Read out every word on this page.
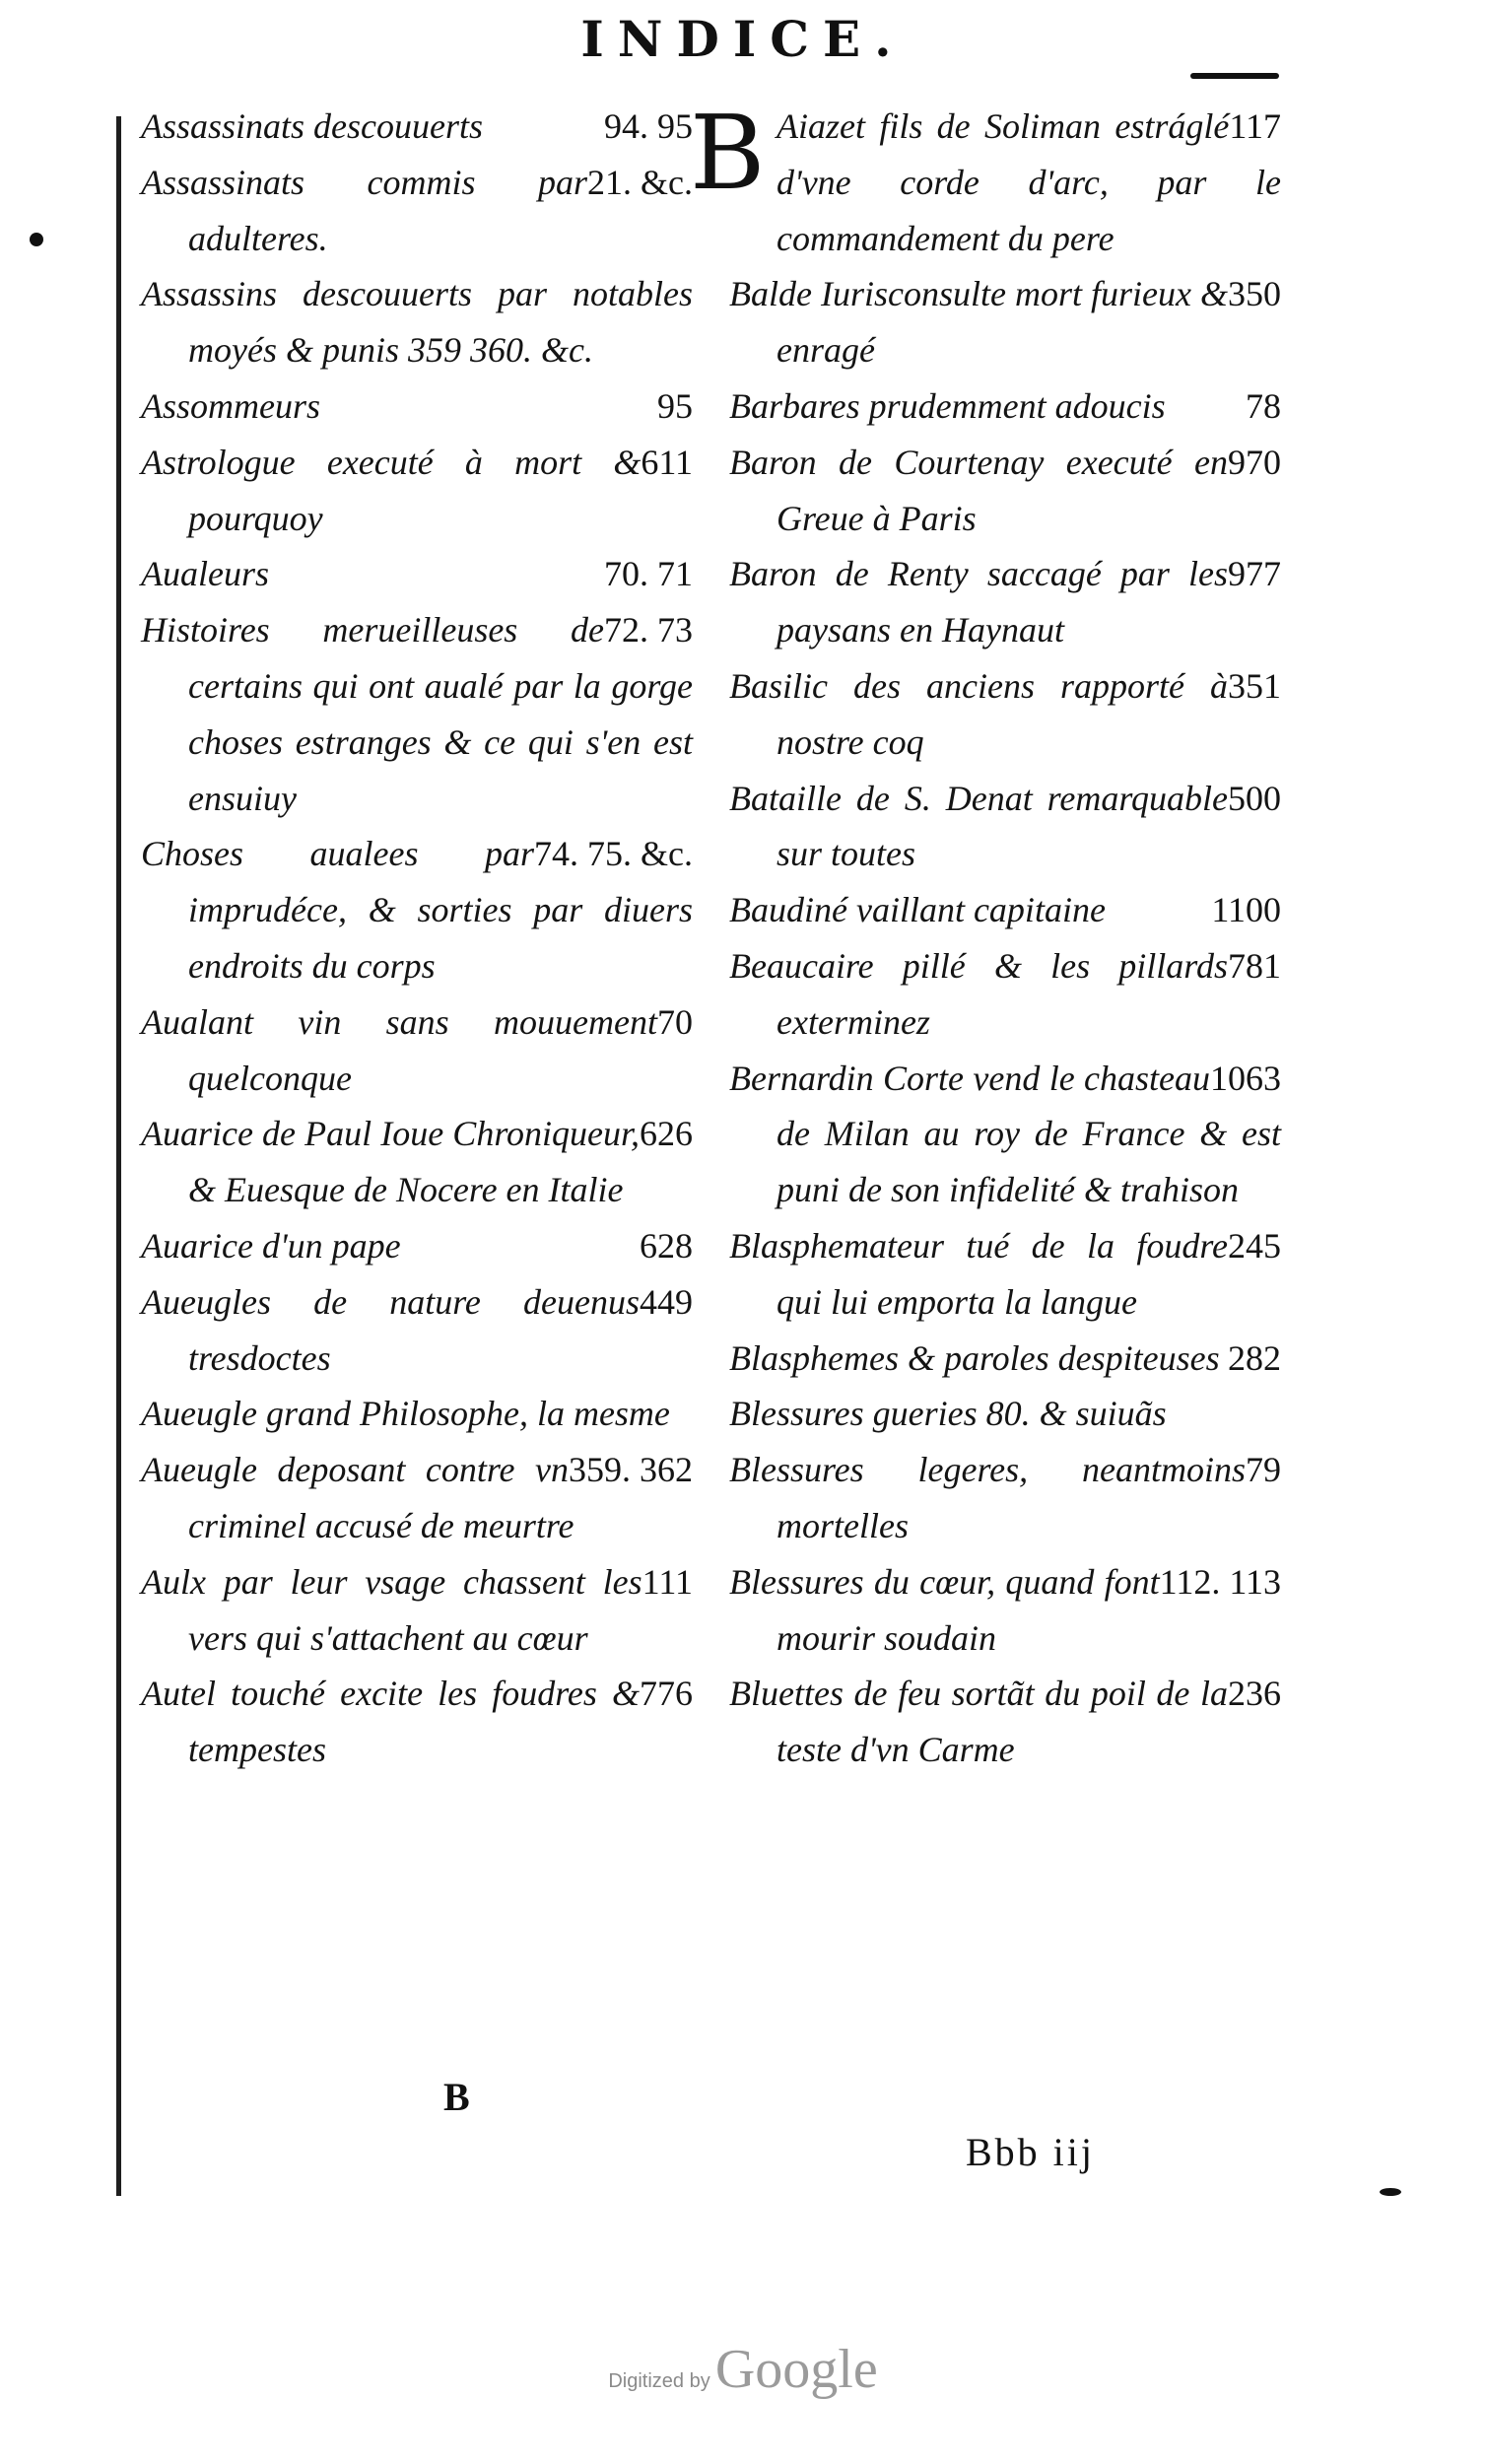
INDICE.

94. 95
Assassinats descouuerts

21. &c.
Assassinats commis par adulteres.

Assassins descouuerts par notables moyés & punis 359 360. &c.

95
Assommeurs

611
Astrologue executé à mort & pourquoy

70. 71
Aualeurs

72. 73
Histoires merueilleuses de certains qui ont aualé par la gorge choses estranges & ce qui s'en est ensuiuy

74. 75. &c.
Choses aualees par imprudéce, & sorties par diuers endroits du corps

70
Aualant vin sans mouuement quelconque

626
Auarice de Paul Ioue Chroniqueur, & Euesque de Nocere en Italie

628
Auarice d'un pape

449
Aueugles de nature deuenus tresdoctes

Aueugle grand Philosophe, la mesme

359. 362
Aueugle deposant contre vn criminel accusé de meurtre

111
Aulx par leur vsage chassent les vers qui s'attachent au cœur

776
Autel touché excite les foudres & tempestes

B	117
Aiazet fils de Soliman estráglé d'vne corde d'arc, par le commandement du pere

350
Balde Iurisconsulte mort furieux & enragé

78
Barbares prudemment adoucis

970
Baron de Courtenay executé en Greue à Paris

977
Baron de Renty saccagé par les paysans en Haynaut

351
Basilic des anciens rapporté à nostre coq

500
Bataille de S. Denat remarquable sur toutes

1100
Baudiné vaillant capitaine

781
Beaucaire pillé & les pillards exterminez

1063
Bernardin Corte vend le chasteau de Milan au roy de France & est puni de son infidelité & trahison

245
Blasphemateur tué de la foudre qui lui emporta la langue

282
Blasphemes & paroles despiteuses

Blessures gueries 80. & suiuãs

79
Blessures legeres, neantmoins mortelles

112. 113
Blessures du cœur, quand font mourir soudain

236
Bluettes de feu sortãt du poil de la teste d'vn Carme

B
Bbb iij
Digitized by Google
